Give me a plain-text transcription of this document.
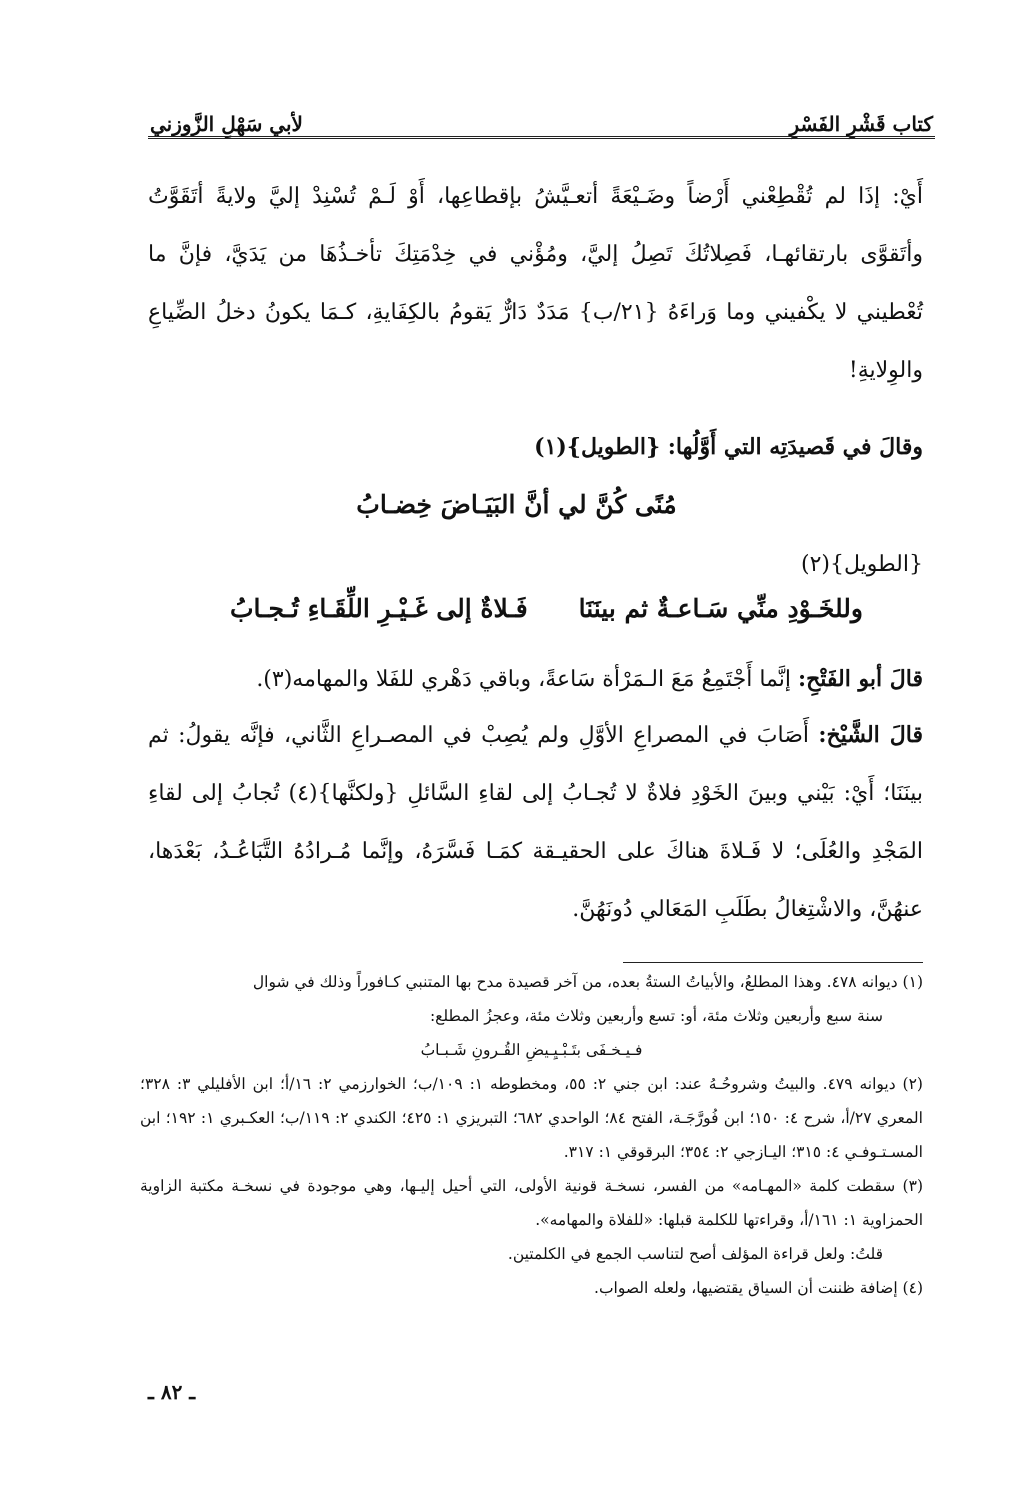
كتاب قَشْرِ الفَسْرِ
لأبي سَهْلِ الزَّوزني

أَيْ: إذَا لم تُقْطِعْني أَرْضاً وضَـيْعَةً أتعـيَّشُ بإقطاعِها، أَوْ لَـمْ تُسْنِدْ إليَّ ولايةً أتَقَوَّتُ وأتَقوَّى بارتقائهـا، فَصِلاتُكَ تَصِلُ إليَّ، ومُؤْني في خِدْمَتِكَ تأخـذُهَا من يَدَيَّ، فإنَّ ما تُعْطيني لا يكْفيني وما وَراءَهُ {٢١/ب} مَدَدٌ دَارٌّ يَقومُ بالكِفَايةِ، كـمَا يكونُ دخلُ الضِّياعِ والوِلايةِ!

وقالَ في قَصيدَتِه التي أَوَّلُها: {الطويل}(١)
مُنًى كُنَّ لي أنَّ البَيَـاضَ خِضـابُ
{الطويل}(٢)
وللخَـوْدِ منِّي سَـاعـةٌ ثم بينَنَا
فَـلاةٌ إلى غَـيْـرِ اللِّقَـاءِ تُـجـابُ

قالَ أبو الفَتْحِ: إنَّما أَجْتَمِعُ مَعَ الـمَرْأة سَاعةً، وباقي دَهْري للفَلا والمهامه(٣).

قالَ الشَّيْخ: أَصَابَ في المصراعِ الأوَّلِ ولم يُصِبْ في المصـراعِ الثَّاني، فإنَّه يقولُ: ثم بينَنَا؛ أَيْ: بَيْني وبينَ الخَوْدِ فلاةٌ لا تُجـابُ إلى لقاءِ السَّائلِ {ولكنَّها}(٤) تُجابُ إلى لقاءِ المَجْدِ والعُلَى؛ لا فَـلاةَ هناكَ على الحقيـقة كمَـا فَسَّرَهُ، وإنَّما مُـرادُهُ التَّبَاعُـدُ، بَعْدَها، عنهُنَّ، والاشْتِغالُ بطَلَبِ المَعَالي دُونَهُنَّ.

(١) ديوانه ٤٧٨. وهذا المطلعُ، والأبياتُ الستةُ بعده، من آخر قصيدة مدح بها المتنبي كـافوراً وذلك في شوال

سنة سبع وأربعين وثلاث مئة، أو: تسع وأربعين وثلاث مئة، وعجزُ المطلع:

فـيـخـفَى بتَـبْـيِـيضِ القُـرونِ شَـبـابُ

(٢) ديوانه ٤٧٩. والبيتُ وشروحُـهُ عند: ابن جني ٢: ٥٥، ومخطوطه ١: ١٠٩/ب؛ الخوارزمي ٢: ١٦/أ؛ ابن الأفليلي ٣: ٣٢٨؛ المعري ٢٧/أ، شرح ٤: ١٥٠؛ ابن فُورَّجَـة، الفتح ٨٤؛ الواحدي ٦٨٢؛ التبريزي ١: ٤٢٥؛ الكندي ٢: ١١٩/ب؛ العكـبري ١: ١٩٢؛ ابن المسـتـوفـي ٤: ٣١٥؛ اليـازجي ٢: ٣٥٤؛ البرقوقي ١: ٣١٧.

(٣) سقطت كلمة «المهـامه» من الفسر، نسخـة قونية الأولى، التي أحيل إليـها، وهي موجودة في نسخـة مكتبة الزاوية الحمزاوية ١: ١٦١/أ، وقراءتها للكلمة قبلها: «للفلاة والمهامه».

قلتُ: ولعل قراءة المؤلف أصح لتناسب الجمع في الكلمتين.

(٤) إضافة ظننت أن السياق يقتضيها، ولعله الصواب.

ـ ٨٢ ـ
